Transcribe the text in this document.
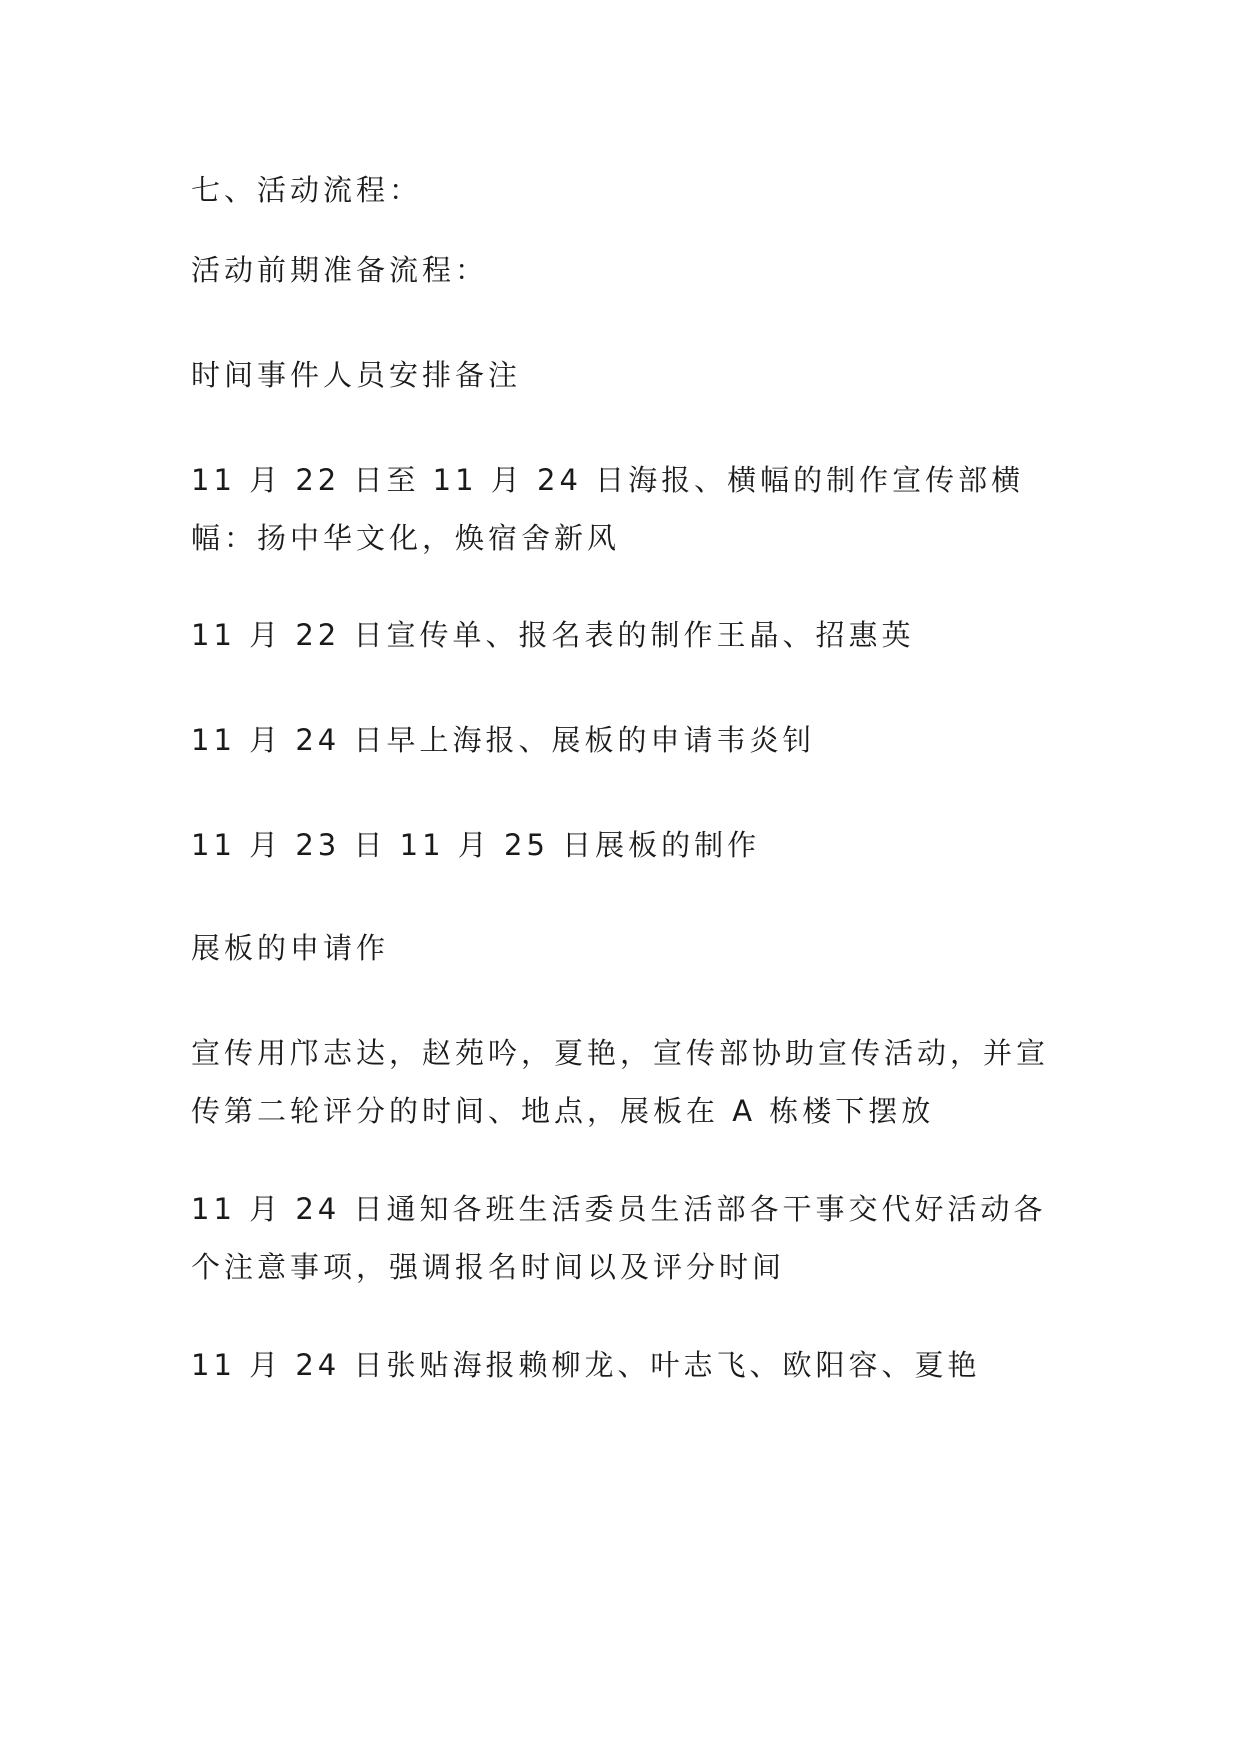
七、活动流程：

活动前期准备流程：

时间事件人员安排备注

11 月 22 日至 11 月 24 日海报、横幅的制作宣传部横幅：扬中华文化，焕宿舍新风

11 月 22 日宣传单、报名表的制作王晶、招惠英

11 月 24 日早上海报、展板的申请韦炎钊

11 月 23 日 11 月 25 日展板的制作

展板的申请作

宣传用邝志达，赵苑吟，夏艳，宣传部协助宣传活动，并宣传第二轮评分的时间、地点，展板在 A 栋楼下摆放

11 月 24 日通知各班生活委员生活部各干事交代好活动各个注意事项，强调报名时间以及评分时间

11 月 24 日张贴海报赖柳龙、叶志飞、欧阳容、夏艳
